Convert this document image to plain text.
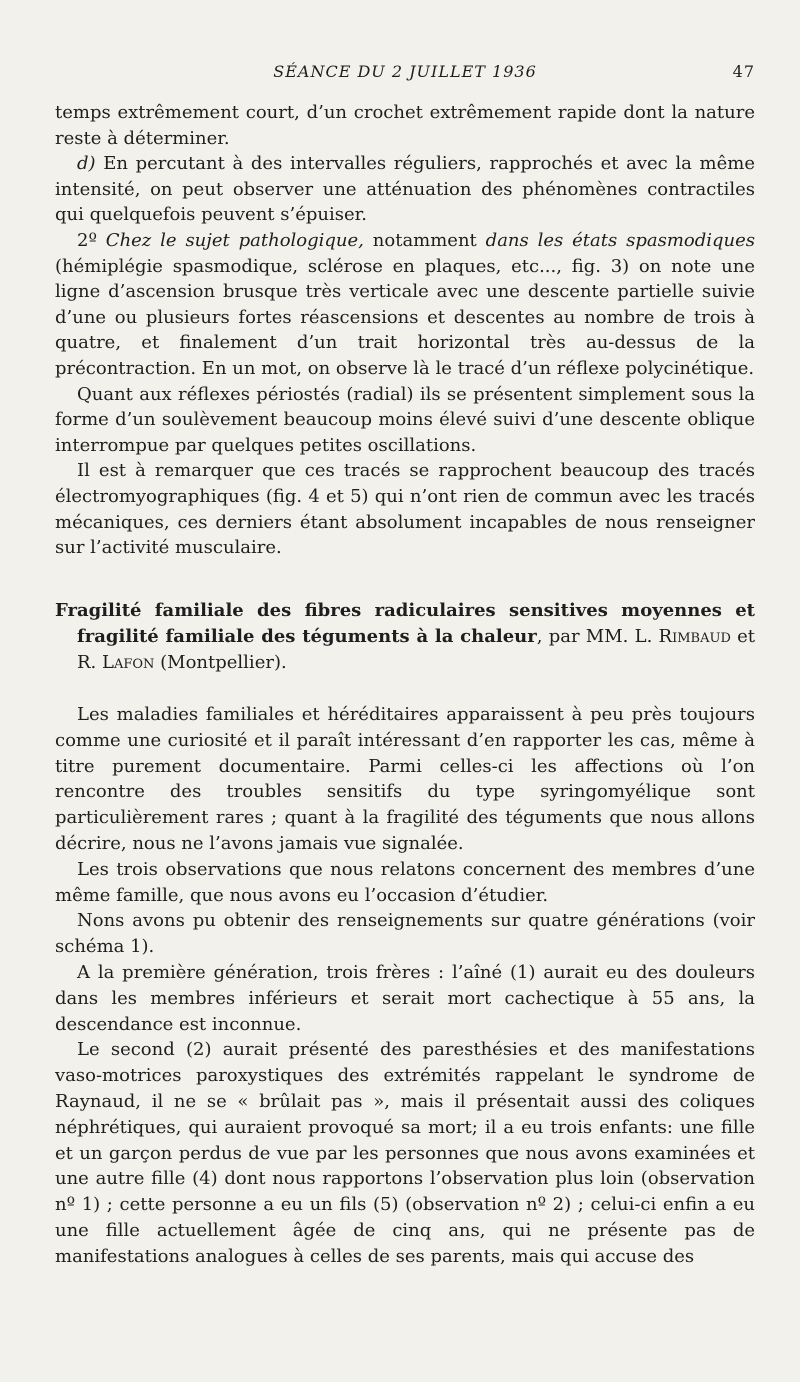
SÉANCE DU 2 JUILLET 1936	47

temps extrêmement court, d’un crochet extrêmement rapide dont la nature reste à déterminer.

d) En percutant à des intervalles réguliers, rapprochés et avec la même intensité, on peut observer une atténuation des phénomènes contractiles qui quelquefois peuvent s’épuiser.

2º Chez le sujet pathologique, notamment dans les états spasmodiques (hémiplégie spasmodique, sclérose en plaques, etc..., fig. 3) on note une ligne d’ascension brusque très verticale avec une descente partielle suivie d’une ou plusieurs fortes réascensions et descentes au nombre de trois à quatre, et finalement d’un trait horizontal très au-dessus de la précontraction. En un mot, on observe là le tracé d’un réflexe polycinétique.

Quant aux réflexes périostés (radial) ils se présentent simplement sous la forme d’un soulèvement beaucoup moins élevé suivi d’une descente oblique interrompue par quelques petites oscillations.

Il est à remarquer que ces tracés se rapprochent beaucoup des tracés électromyographiques (fig. 4 et 5) qui n’ont rien de commun avec les tracés mécaniques, ces derniers étant absolument incapables de nous renseigner sur l’activité musculaire.

Fragilité familiale des fibres radiculaires sensitives moyennes et fragilité familiale des téguments à la chaleur, par MM. L. Rimbaud et R. Lafon (Montpellier).

Les maladies familiales et héréditaires apparaissent à peu près toujours comme une curiosité et il paraît intéressant d’en rapporter les cas, même à titre purement documentaire. Parmi celles-ci les affections où l’on rencontre des troubles sensitifs du type syringomyélique sont particulièrement rares ; quant à la fragilité des téguments que nous allons décrire, nous ne l’avons jamais vue signalée.

Les trois observations que nous relatons concernent des membres d’une même famille, que nous avons eu l’occasion d’étudier.

Nons avons pu obtenir des renseignements sur quatre générations (voir schéma 1).

A la première génération, trois frères : l’aîné (1) aurait eu des douleurs dans les membres inférieurs et serait mort cachectique à 55 ans, la descendance est inconnue.

Le second (2) aurait présenté des paresthésies et des manifestations vaso-motrices paroxystiques des extrémités rappelant le syndrome de Raynaud, il ne se « brûlait pas », mais il présentait aussi des coliques néphrétiques, qui auraient provoqué sa mort; il a eu trois enfants: une fille et un garçon perdus de vue par les personnes que nous avons examinées et une autre fille (4) dont nous rapportons l’observation plus loin (observation nº 1) ; cette personne a eu un fils (5) (observation nº 2) ; celui-ci enfin a eu une fille actuellement âgée de cinq ans, qui ne présente pas de manifestations analogues à celles de ses parents, mais qui accuse des
